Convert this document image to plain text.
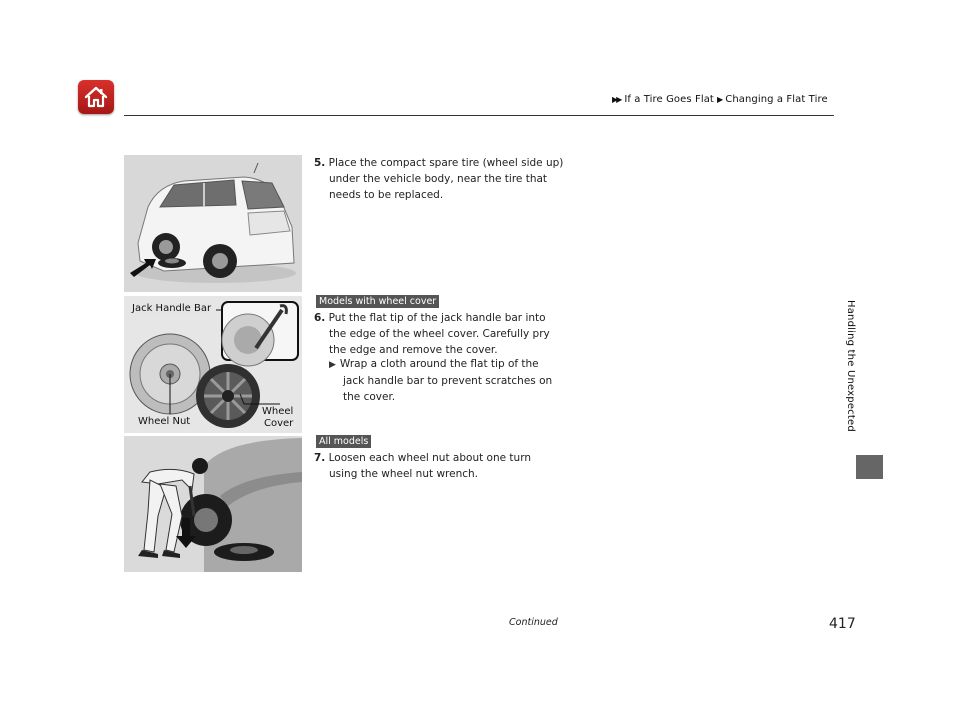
▶▶ If a Tire Goes Flat ▶ Changing a Flat Tire
Handling the Unexpected
Jack Handle Bar
Wheel Nut
Wheel
Cover
5. Place the compact spare tire (wheel side up)
under the vehicle body, near the tire that
needs to be replaced.
Models with wheel cover
6. Put the flat tip of the jack handle bar into
the edge of the wheel cover. Carefully pry
the edge and remove the cover.
▶ Wrap a cloth around the flat tip of the
jack handle bar to prevent scratches on
the cover.
All models
7. Loosen each wheel nut about one turn
using the wheel nut wrench.
Continued	417
